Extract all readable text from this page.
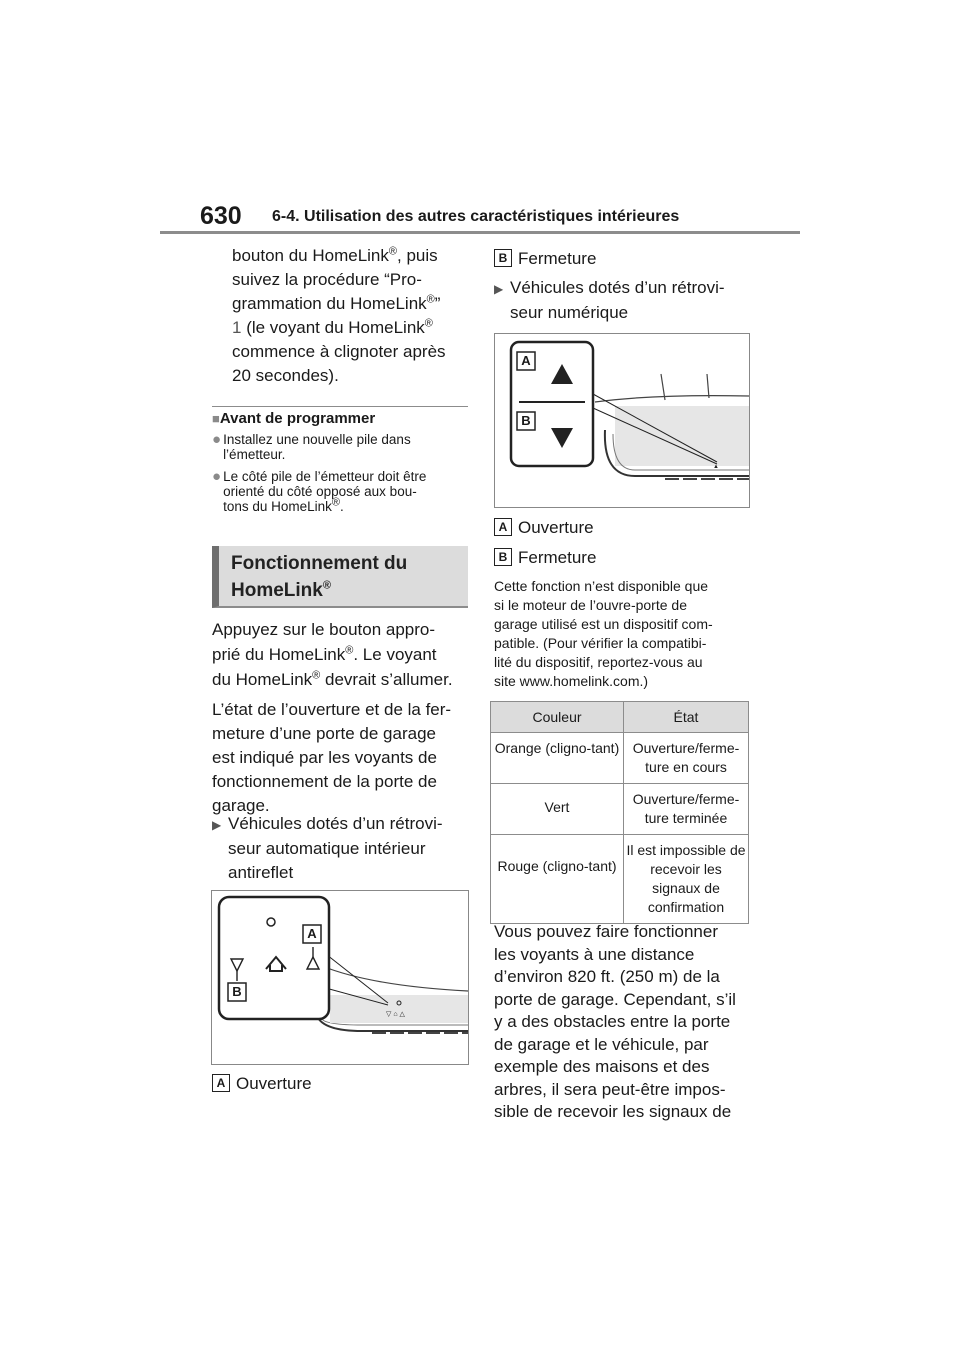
630 6-4. Utilisation des autres caractéristiques intérieures
bouton du HomeLink®, puis
suivez la procédure “Pro-
grammation du HomeLink®”
1 (le voyant du HomeLink®
commence à clignoter après
20 secondes).
■Avant de programmer
● Installez une nouvelle pile dans l’émetteur.
● Le côté pile de l’émetteur doit être
orienté du côté opposé aux bou-
tons du HomeLink®.
Fonctionnement du
HomeLink®
Appuyez sur le bouton appro-
prié du HomeLink®. Le voyant
du HomeLink® devrait s’allumer.
L’état de l’ouverture et de la fer-
meture d’une porte de garage
est indiqué par les voyants de
fonctionnement de la porte de
garage.
▶ Véhicules dotés d’un rétrovi-
seur automatique intérieur
antireflet
▽ ⌂ △
A
B
A Ouverture
B Fermeture
▶ Véhicules dotés d’un rétrovi-
seur numérique
▲
A
B
A Ouverture
B Fermeture
Cette fonction n’est disponible que
si le moteur de l’ouvre-porte de
garage utilisé est un dispositif com-
patible. (Pour vérifier la compatibi-
lité du dispositif, reportez-vous au
site www.homelink.com.)
Couleur	État
Orange (cligno-tant)	Ouverture/ferme-ture en cours
Vert	Ouverture/ferme-ture terminée
Rouge (cligno-tant)	Il est impossible de recevoir les signaux de confirmation
Vous pouvez faire fonctionner
les voyants à une distance
d’environ 820 ft. (250 m) de la
porte de garage. Cependant, s’il
y a des obstacles entre la porte
de garage et le véhicule, par
exemple des maisons et des
arbres, il sera peut-être impos-
sible de recevoir les signaux de
